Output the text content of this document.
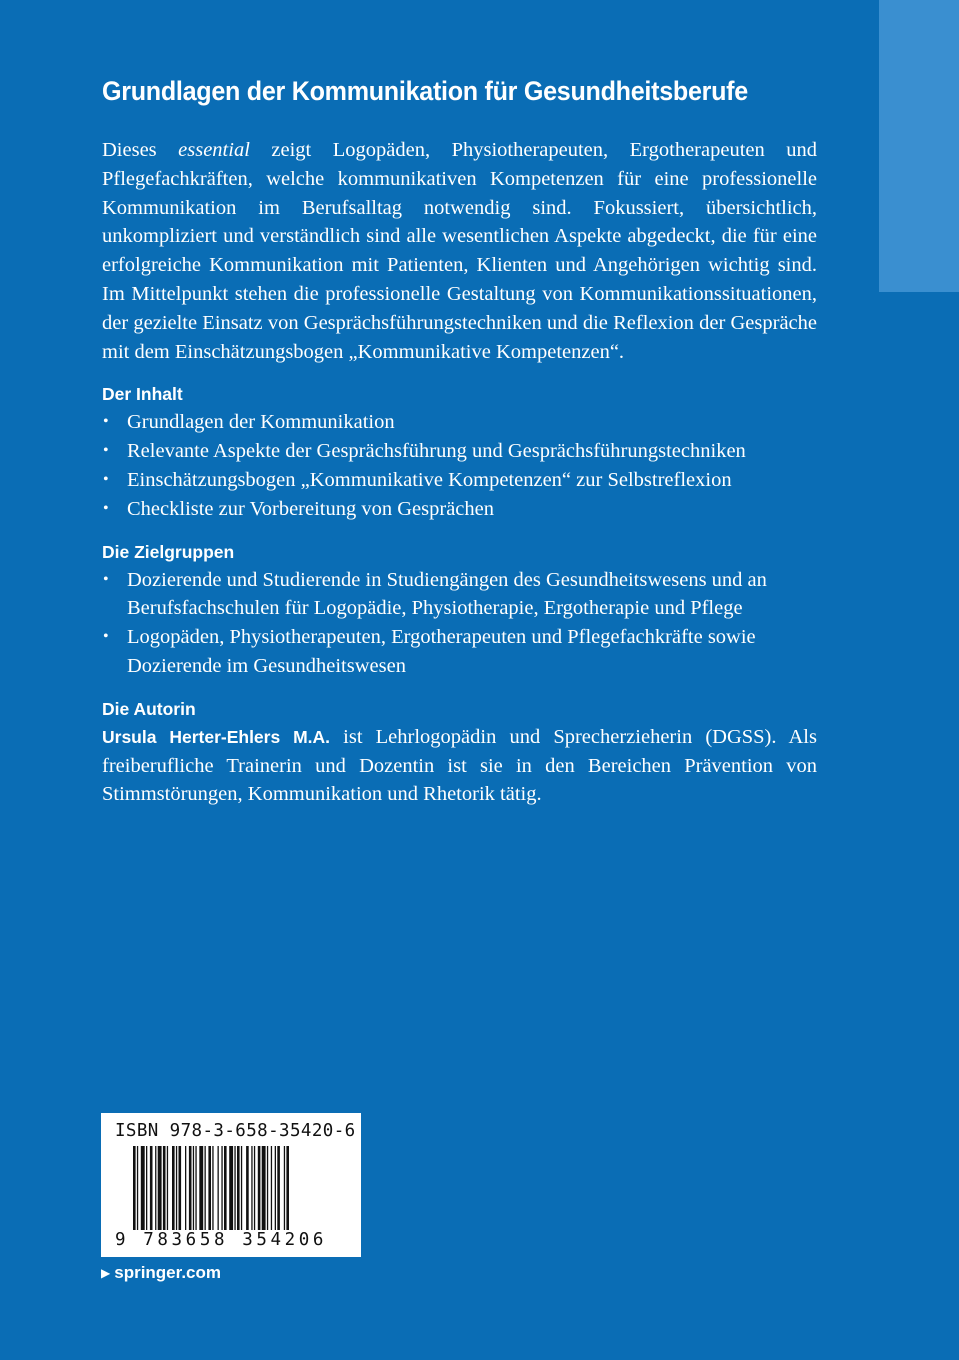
Grundlagen der Kommunikation für Gesundheitsberufe

Dieses essential zeigt Logopäden, Physiotherapeuten, Ergotherapeuten und Pflegefachkräften, welche kommunikativen Kompetenzen für eine professionelle Kommunikation im Berufsalltag notwendig sind. Fokussiert, übersichtlich, unkompliziert und verständlich sind alle wesentlichen Aspekte abgedeckt, die für eine erfolgreiche Kommunikation mit Patienten, Klienten und Angehörigen wichtig sind. Im Mittelpunkt stehen die professionelle Gestaltung von Kommunikationssituationen, der gezielte Einsatz von Gesprächsführungstechniken und die Reflexion der Gespräche mit dem Einschätzungsbogen „Kommunikative Kompetenzen“.

Der Inhalt
• Grundlagen der Kommunikation
• Relevante Aspekte der Gesprächsführung und Gesprächsführungstechniken
• Einschätzungsbogen „Kommunikative Kompetenzen“ zur Selbstreflexion
• Checkliste zur Vorbereitung von Gesprächen
Die Zielgruppen
• Dozierende und Studierende in Studiengängen des Gesundheitswesens und an Berufsfachschulen für Logopädie, Physiotherapie, Ergotherapie und Pflege
• Logopäden, Physiotherapeuten, Ergotherapeuten und Pflegefachkräfte sowie Dozierende im Gesundheitswesen
Die Autorin

Ursula Herter-Ehlers M.A. ist Lehrlogopädin und Sprecherzieherin (DGSS). Als freiberufliche Trainerin und Dozentin ist sie in den Bereichen Prävention von Stimmstörungen, Kommunikation und Rhetorik tätig.

ISBN 978-3-658-35420-6
9 783658 354206
▶ springer.com
